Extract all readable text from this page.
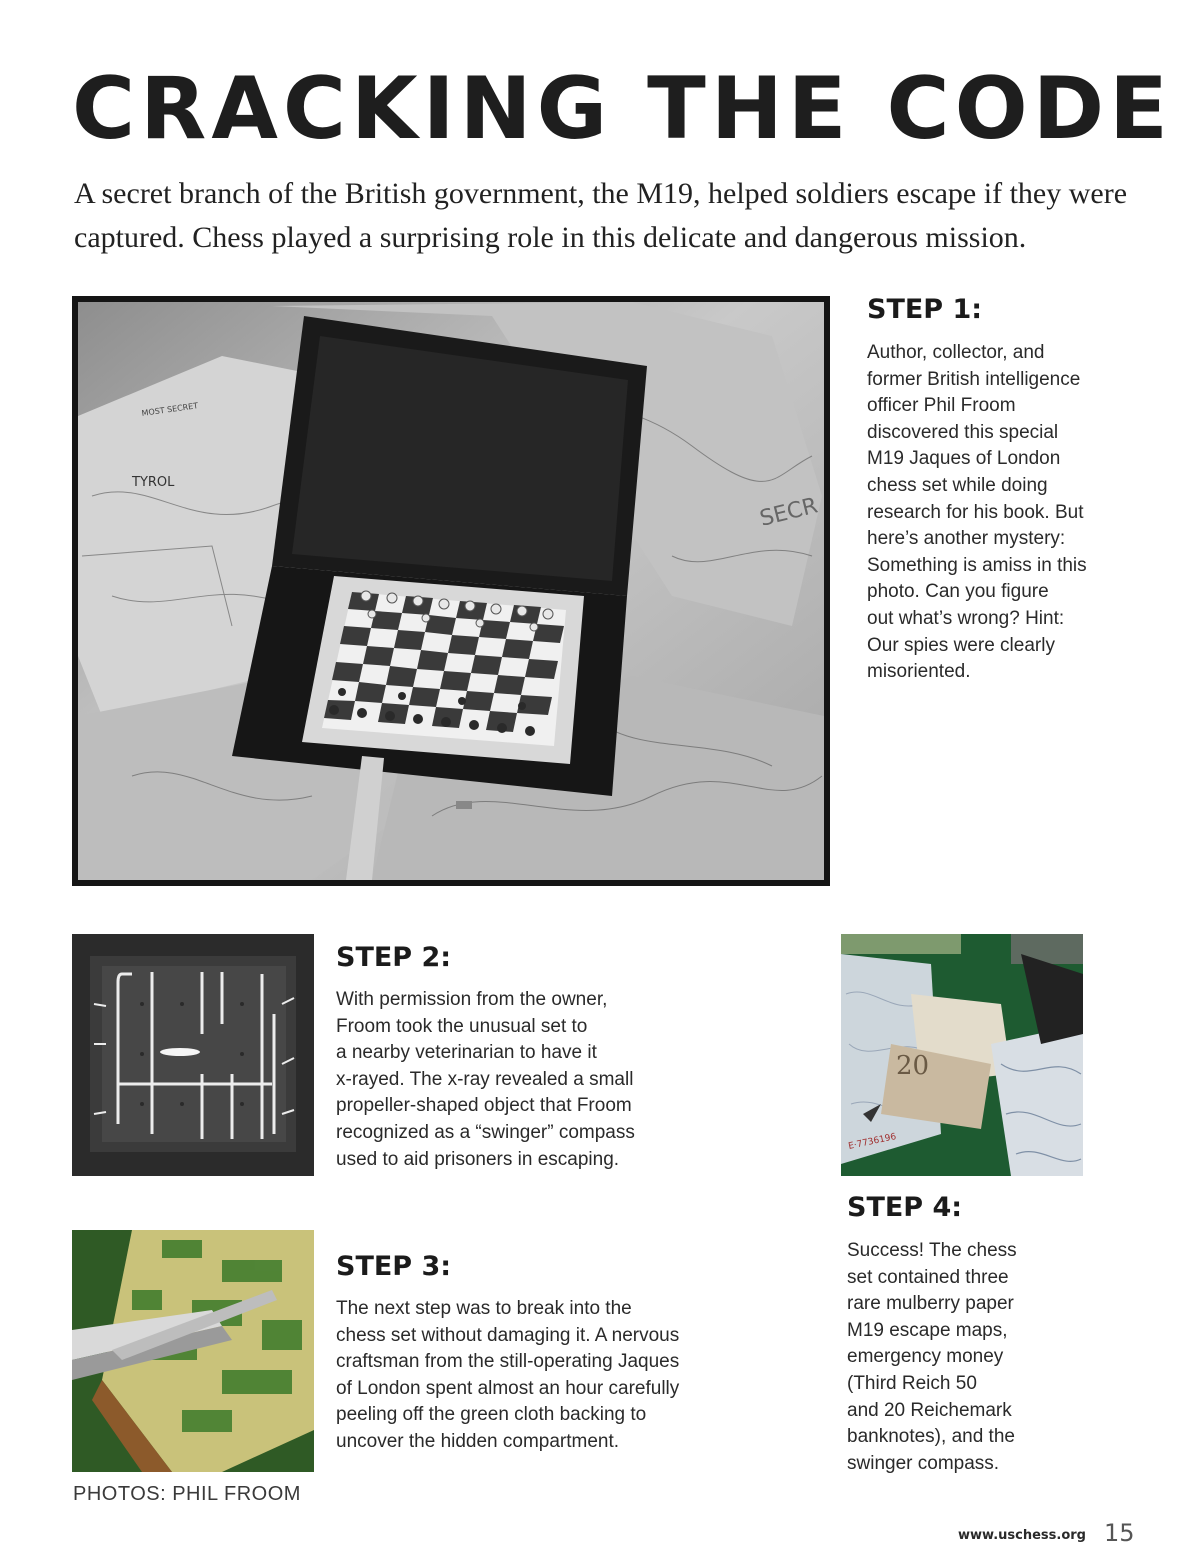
CRACKING THE CODE
A secret branch of the British government, the M19, helped soldiers escape if they were
captured. Chess played a surprising role in this delicate and dangerous mission.
TYROL
MOST SECRET
SECR
STEP 1:
Author, collector, and
former British intelligence
officer Phil Froom
discovered this special
M19 Jaques of London
chess set while doing
research for his book. But
here’s another mystery:
Something is amiss in this
photo. Can you figure
out what’s wrong? Hint:
Our spies were clearly
misoriented.
STEP 2:
With permission from the owner,
Froom took the unusual set to
a nearby veterinarian to have it
x-rayed. The x-ray revealed a small
propeller-shaped object that Froom
recognized as a “swinger” compass
used to aid prisoners in escaping.
20
E·7736196
STEP 4:
Success! The chess
set contained three
rare mulberry paper
M19 escape maps,
emergency money
(Third Reich 50
and 20 Reichemark
banknotes), and the
swinger compass.
STEP 3:
The next step was to break into the
chess set without damaging it. A nervous
craftsman from the still-operating Jaques
of London spent almost an hour carefully
peeling off the green cloth backing to
uncover the hidden compartment.
PHOTOS: PHIL FROOM
www.uschess.org 15
